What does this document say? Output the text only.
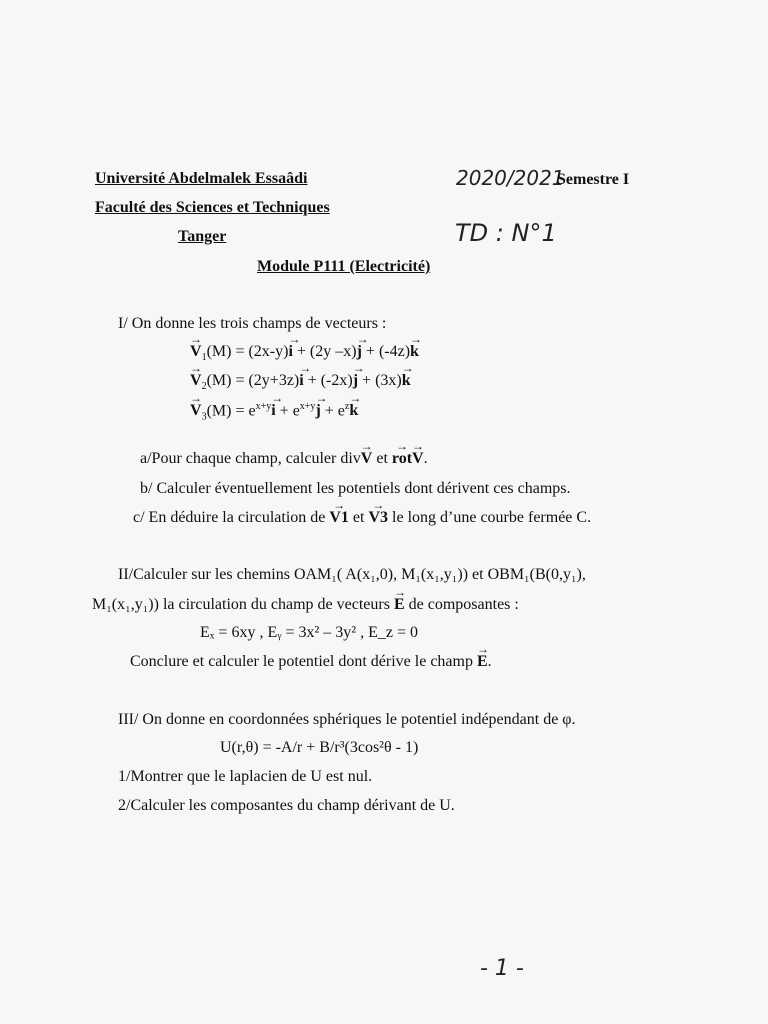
Université Abdelmalek Essaâdi	2020/2021
Semestre I
Faculté des Sciences et Techniques
Tanger	TD : N°1
Module P111 (Electricité)
I/ On donne les trois champs de vecteurs :
→ $V_1(M) = (2x-y)\to i + (2y$ –x)→ j + (-4z)→ k
→ $V_2(M) = (2y+3z)\to i + (-2x)\to j + (3x)\to k$
→ $V_3(M) = e^{x+y}\to i + e^{x+y}\to j + e^z\to k$
a/Pour chaque champ, calculer div→ V et → rot→ V.
b/ Calculer éventuellement les potentiels dont dérivent ces champs.
c/ En déduire la circulation de → V1 et → V3 le long d’une courbe fermée C.
II/Calculer sur les chemins OAM₁( A(x₁,0), M₁(x₁,y₁)) et OBM₁(B(0,y₁),
M₁(x₁,y₁)) la circulation du champ de vecteurs → E de composantes :
Eₓ = 6xy , Eᵧ = 3x² – 3y² , E_z = 0
Conclure et calculer le potentiel dont dérive le champ → E.
III/ On donne en coordonnées sphériques le potentiel indépendant de φ.
U(r,θ) = -A/r + B/r³(3cos²θ - 1)
1/Montrer que le laplacien de U est nul.
2/Calculer les composantes du champ dérivant de U.
- 1 -
